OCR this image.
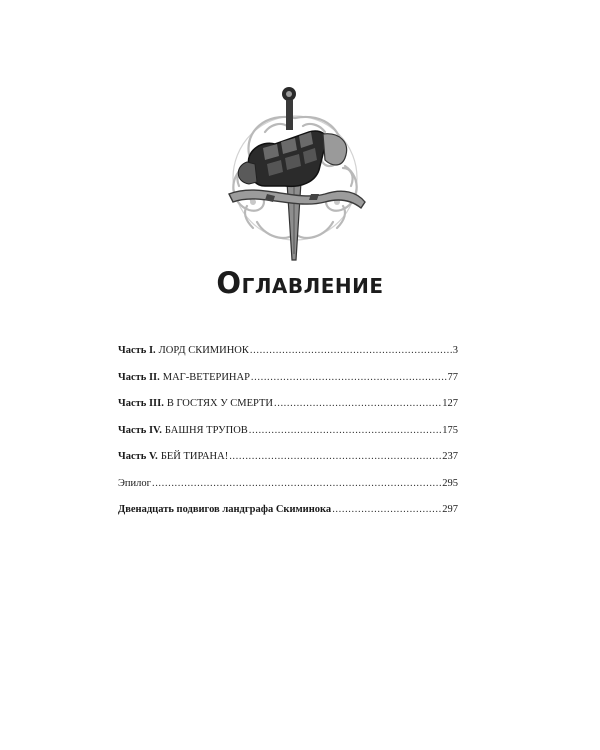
Оглавление
Часть I. ЛОРД СКИМИНОК .....	3
Часть II. МАГ-ВЕТЕРИНАР .....	77
Часть III. В ГОСТЯХ У СМЕРТИ .....	127
Часть IV. БАШНЯ ТРУПОВ .....	175
Часть V. БЕЙ ТИРАНА! .....	237
Эпилог .....	295
Двенадцать подвигов ландграфа Скиминока .....	297
